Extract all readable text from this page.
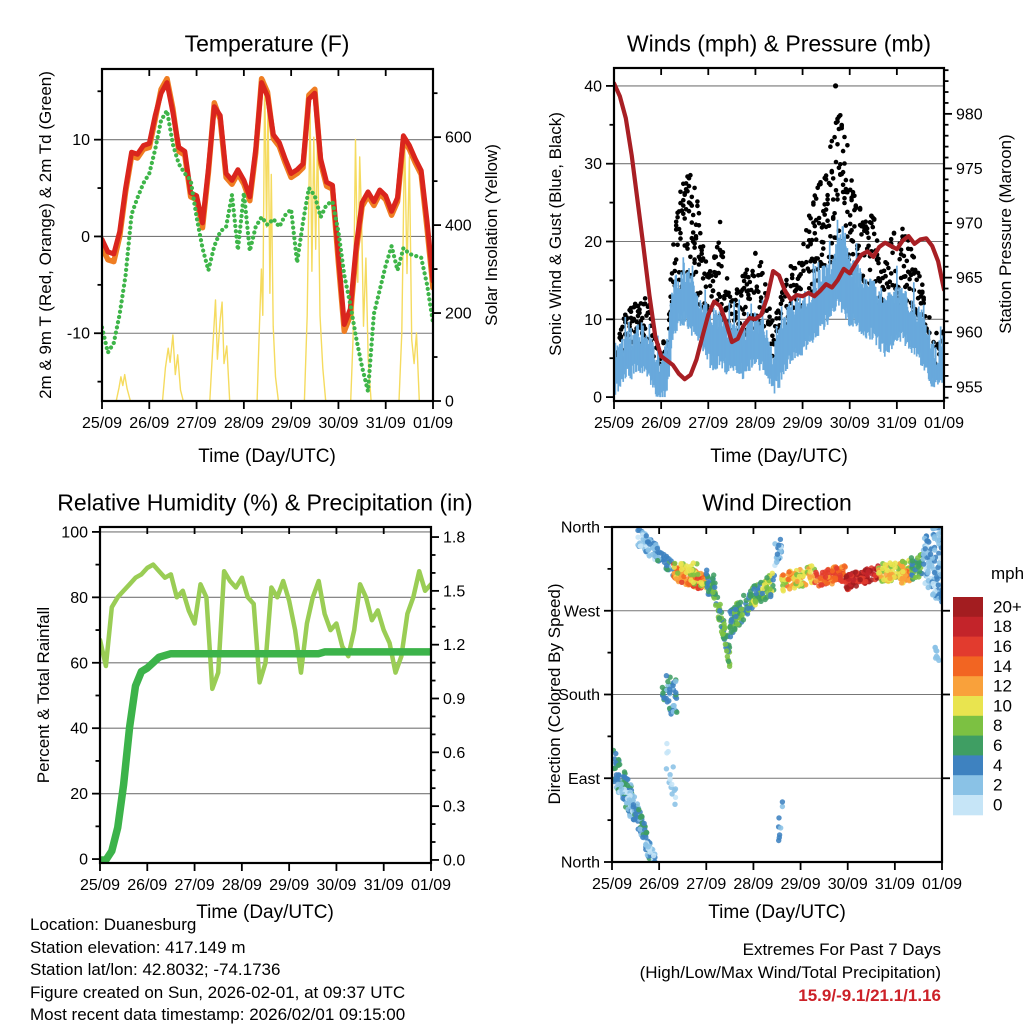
25/09 26/09 27/09 28/09 29/09 30/09 31/09 01/09
-10
0
10
0
200
400
600
25/09 26/09 27/09 28/09 29/09 30/09 31/09 01/09
0
10
20
30
40
955
960
965
970
975
980
25/09 26/09 27/09 28/09 29/09 30/09 31/09 01/09
0
20
40
60
80
100
0.0
0.3
0.6
0.9
1.2
1.5
1.8
25/09 26/09 27/09 28/09 29/09 30/09 31/09 01/09
North
East
South
West
North
20+
18
16
14
12
10
8
6
4
2
0
Temperature (F)	Winds (mph) & Pressure (mb)
Relative Humidity (%) & Precipitation (in)	Wind Direction
Time (Day/UTC)	Time (Day/UTC)
Time (Day/UTC)	Time (Day/UTC)
2m & 9m T (Red, Orange) & 2m Td (Green)	Solar Insolation (Yellow)	Sonic Wind & Gust (Blue, Black)	Station Pressure (Maroon)
Percent & Total Rainfall	Direction (Colored By Speed)
mph
Location: Duanesburg
Station elevation: 417.149 m
Station lat/lon: 42.8032; -74.1736
Figure created on Sun, 2026-02-01, at 09:37 UTC
Most recent data timestamp: 2026/02/01 09:15:00
Extremes For Past 7 Days
(High/Low/Max Wind/Total Precipitation)
15.9/-9.1/21.1/1.16
